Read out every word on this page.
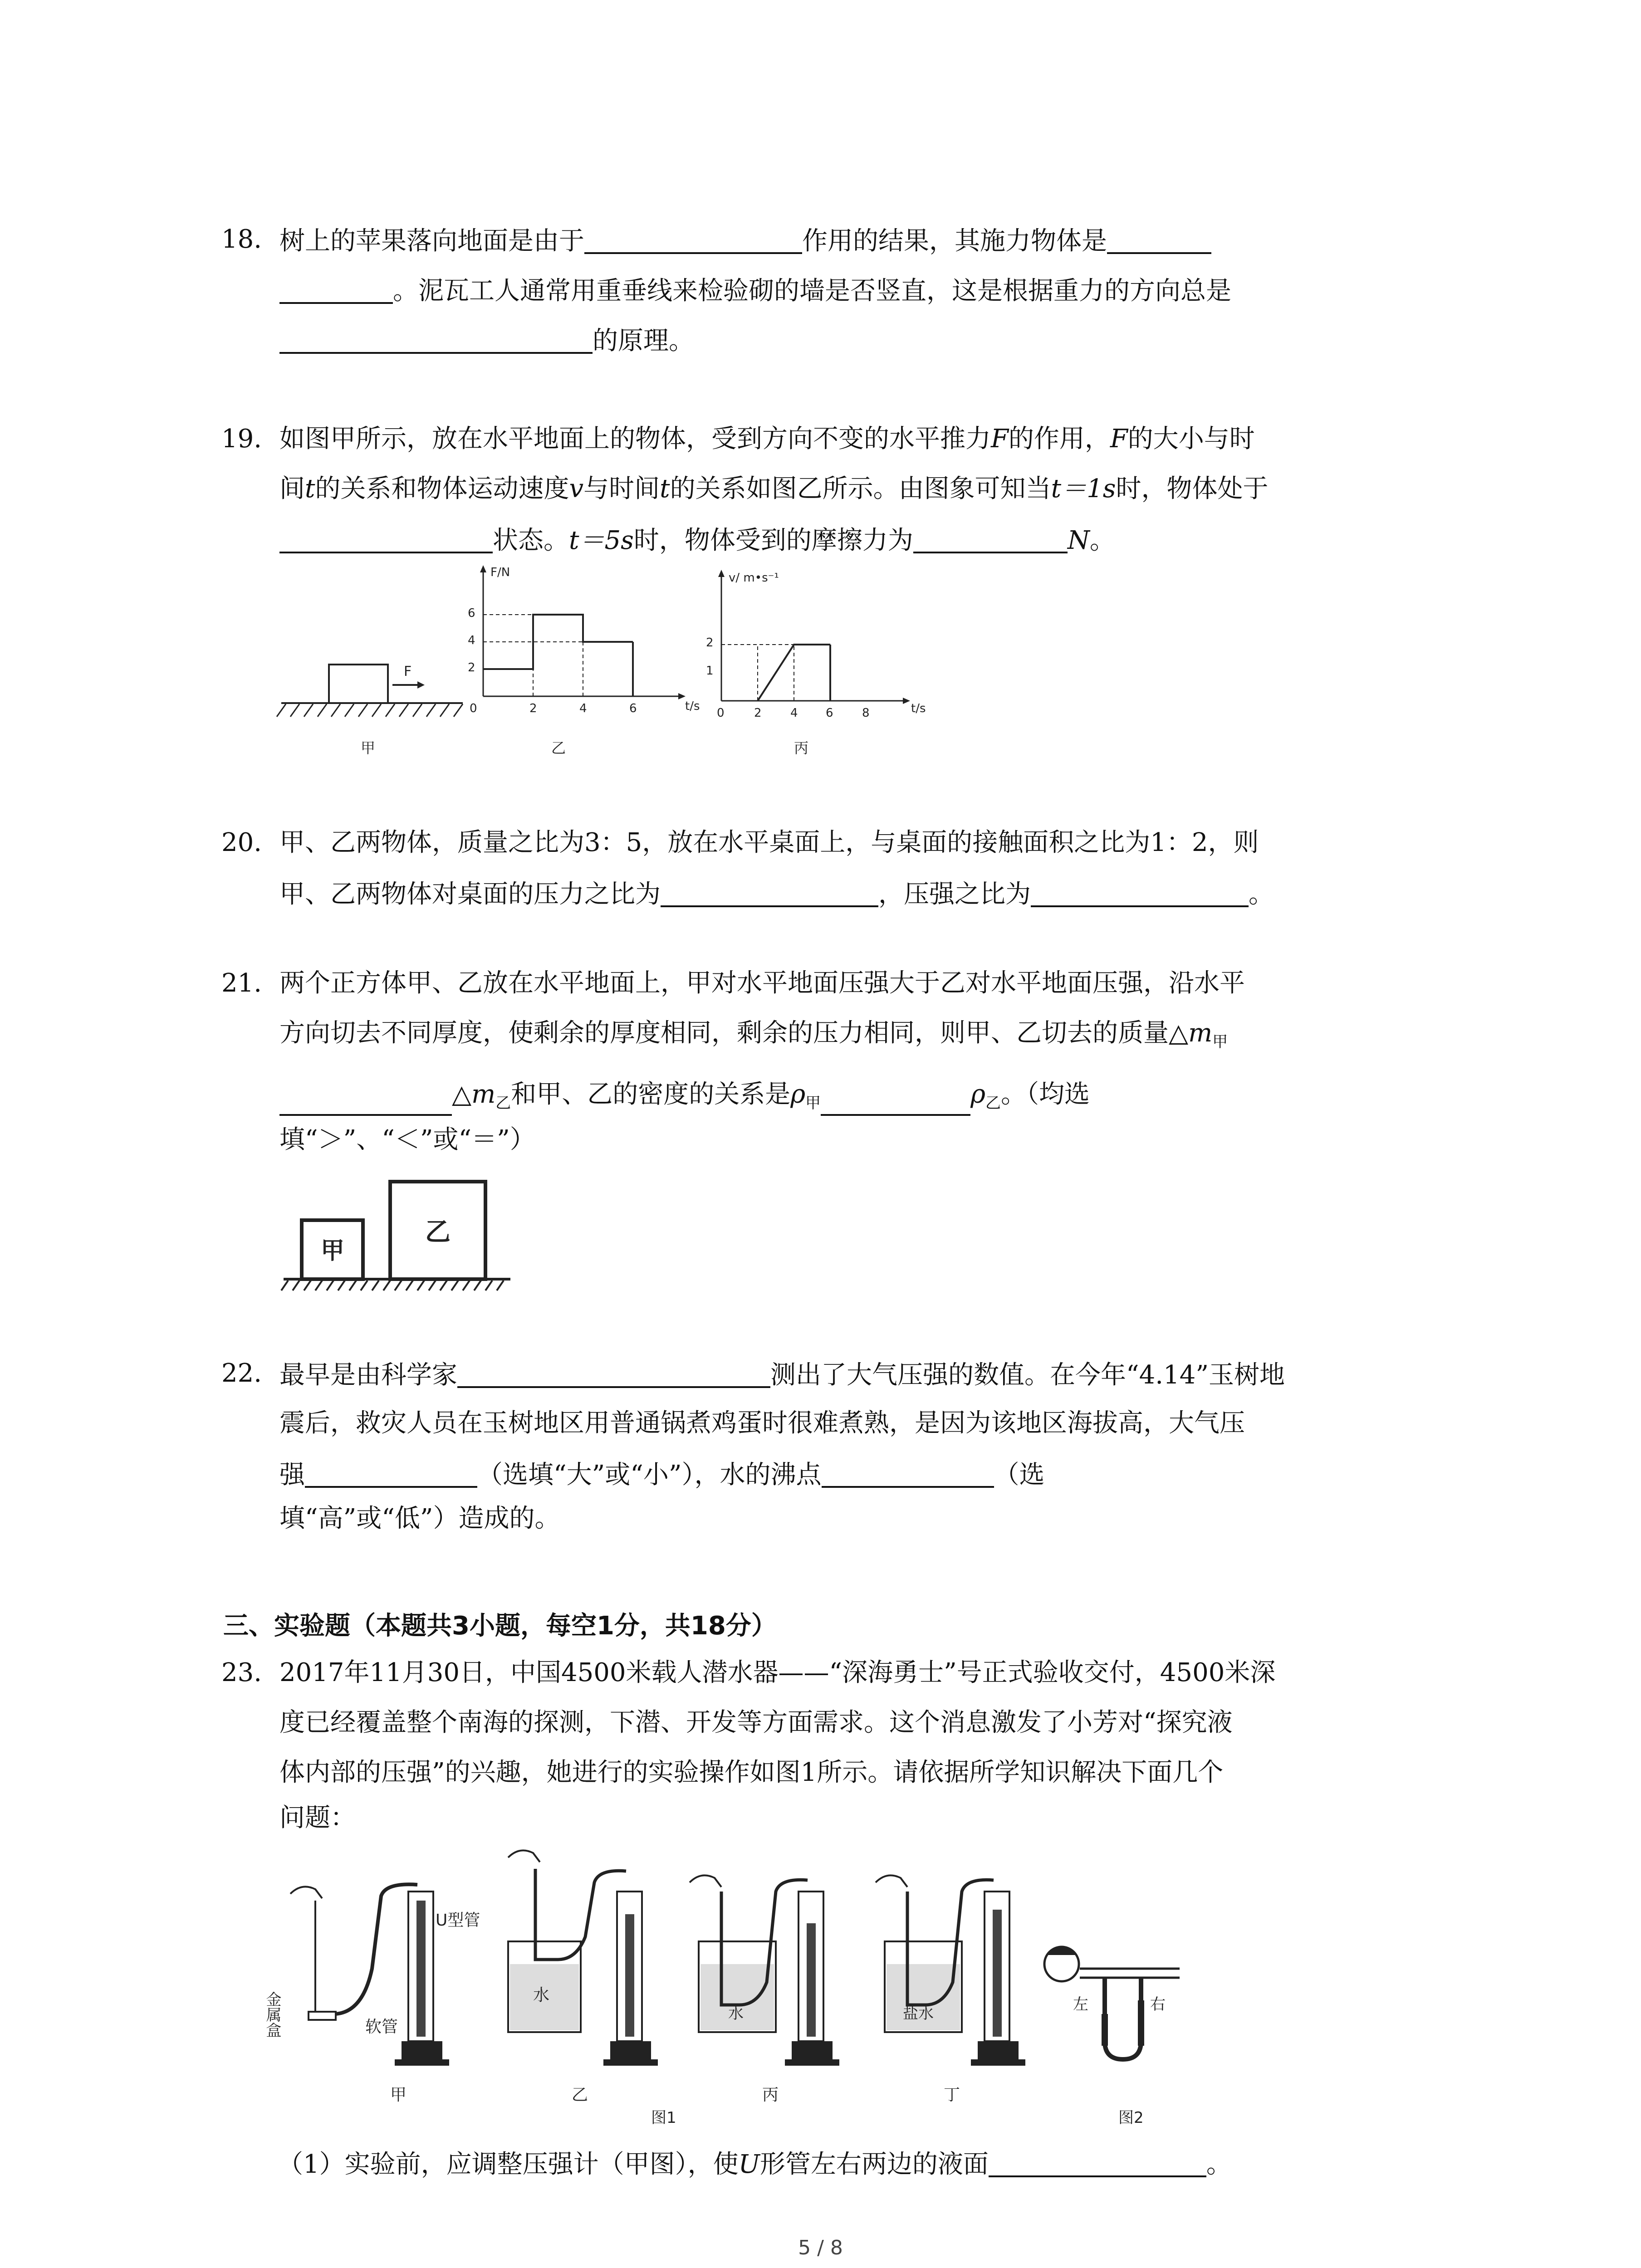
18. 树上的苹果落向地面是由于	作用的结果，其施力物体是
。泥瓦工人通常用重垂线来检验砌的墙是否竖直，这是根据重力的方向总是
的原理。
19. 如图甲所示，放在水平地面上的物体，受到方向不变的水平推力F的作用，F的大小与时
间t的关系和物体运动速度v与时间t的关系如图乙所示。由图象可知当t＝1s时，物体处于
状态。t＝5s时，物体受到的摩擦力为	N。
F
甲
F/N
6
4
2
0	2	4	6	t/s
乙
v/ m•s⁻¹
2
1
0	2 4 6 8	t/s
丙
20. 甲、乙两物体，质量之比为3：5，放在水平桌面上，与桌面的接触面积之比为1：2，则
甲、乙两物体对桌面的压力之比为	，压强之比为	。
21. 两个正方体甲、乙放在水平地面上，甲对水平地面压强大于乙对水平地面压强，沿水平
方向切去不同厚度，使剩余的厚度相同，剩余的压力相同，则甲、乙切去的质量$\triangle m_甲$
$\triangle m_乙$和甲、乙的密度的关系是$\rho_甲$	$\rho_乙$。（均选
填“＞”、“＜”或“＝”）
甲
乙
22. 最早是由科学家	测出了大气压强的数值。在今年“4.14”玉树地
震后，救灾人员在玉树地区用普通锅煮鸡蛋时很难煮熟，是因为该地区海拔高，大气压
强	（选填“大”或“小”），水的沸点	（选
填“高”或“低”）造成的。
三、实验题（本题共3小题，每空1分，共18分）
23. 2017年11月30日，中国4500米载人潜水器——“深海勇士”号正式验收交付，4500米深
度已经覆盖整个南海的探测，下潜、开发等方面需求。这个消息激发了小芳对“探究液
体内部的压强”的兴趣，她进行的实验操作如图1所示。请依据所学知识解决下面几个
问题：
U型管
金属盒	软管
甲
水
乙
水
丙
盐水
丁
左	右
图1	图2
（1）实验前，应调整压强计（甲图），使U形管左右两边的液面	。
5 / 8
